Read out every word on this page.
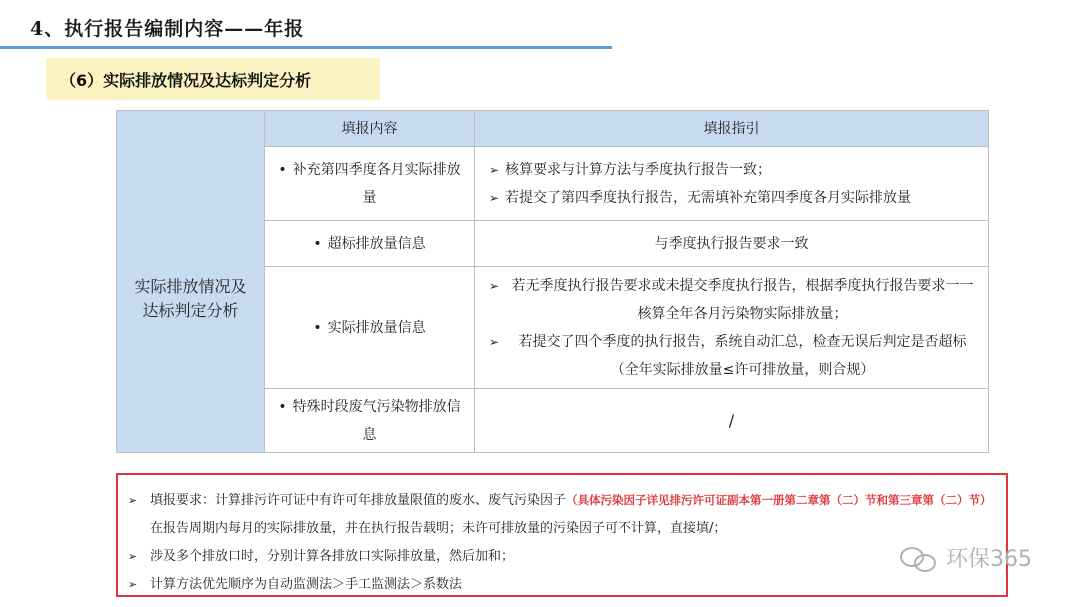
4、执行报告编制内容——年报
（6）实际排放情况及达标判定分析
	填报内容	填报指引

实际排放情况及达标判定分析	• 补充第四季度各月实际排放量	➢ 核算要求与计算方法与季度执行报告一致；
➢ 若提交了第四季度执行报告，无需填补充第四季度各月实际排放量

	• 超标排放量信息	与季度执行报告要求一致
	• 实际排放量信息	➢ 若无季度执行报告要求或未提交季度执行报告，根据季度执行报告要求一一核算全年各月污染物实际排放量；
➢ 若提交了四个季度的执行报告，系统自动汇总，检查无误后判定是否超标（全年实际排放量≤许可排放量，则合规）

	• 特殊时段废气污染物排放信息	/
➢ 填报要求：计算排污许可证中有许可年排放量限值的废水、废气污染因子（具体污染因子详见排污许可证副本第一册第二章第（二）节和第三章第（二）节）
在报告周期内每月的实际排放量，并在执行报告载明；未许可排放量的污染因子可不计算，直接填/；
➢ 涉及多个排放口时，分别计算各排放口实际排放量，然后加和；
➢ 计算方法优先顺序为自动监测法＞手工监测法＞系数法
环保365
